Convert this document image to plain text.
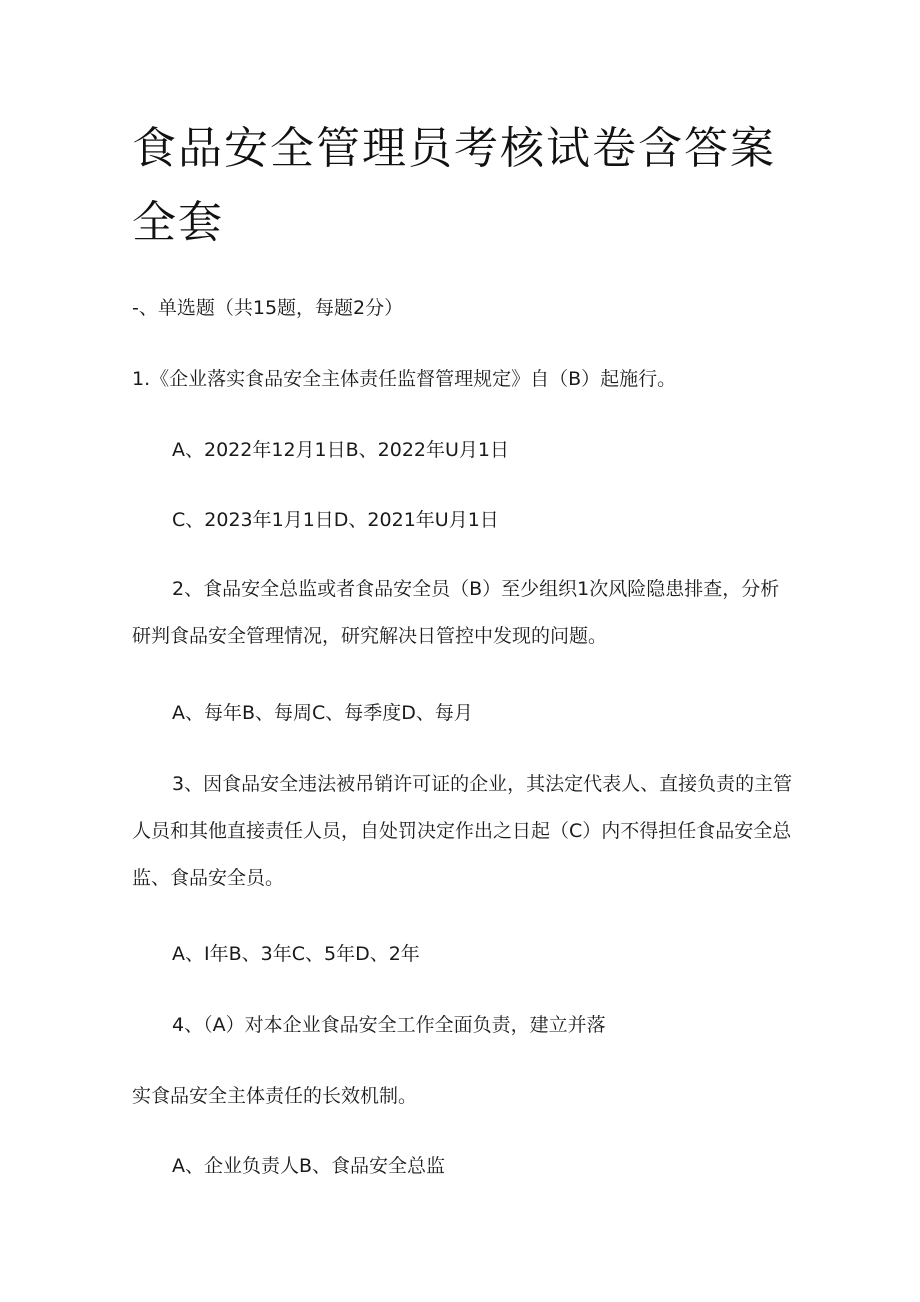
食品安全管理员考核试卷含答案全套
-、单选题（共15题，每题2分）
1.《企业落实食品安全主体责任监督管理规定》自（B）起施行。
A、2022年12月1日B、2022年U月1日
C、2023年1月1日D、2021年U月1日
2、食品安全总监或者食品安全员（B）至少组织1次风险隐患排查，分析研判食品安全管理情况，研究解决日管控中发现的问题。
A、每年B、每周C、每季度D、每月
3、因食品安全违法被吊销许可证的企业，其法定代表人、直接负责的主管人员和其他直接责任人员，自处罚决定作出之日起（C）内不得担任食品安全总监、食品安全员。
A、I年B、3年C、5年D、2年
4、（A）对本企业食品安全工作全面负责，建立并落
实食品安全主体责任的长效机制。
A、企业负责人B、食品安全总监
